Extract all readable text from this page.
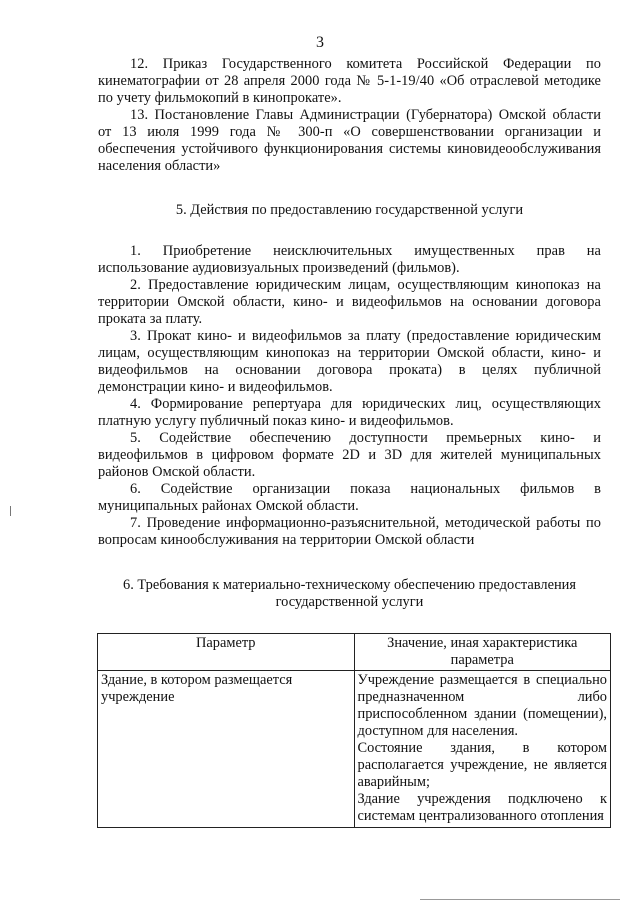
3

12. Приказ Государственного комитета Российской Федерации по кинематографии от 28 апреля 2000 года № 5-1-19/40 «Об отраслевой методике по учету фильмокопий в кинопрокате».

13. Постановление Главы Администрации (Губернатора) Омской области от 13 июля 1999 года № 300-п «О совершенствовании организации и обеспечения устойчивого функционирования системы киновидеообслуживания населения области»

5. Действия по предоставлению государственной услуги

1. Приобретение неисключительных имущественных прав на использование аудиовизуальных произведений (фильмов).

2. Предоставление юридическим лицам, осуществляющим кинопоказ на территории Омской области, кино- и видеофильмов на основании договора проката за плату.

3. Прокат кино- и видеофильмов за плату (предоставление юридическим лицам, осуществляющим кинопоказ на территории Омской области, кино- и видеофильмов на основании договора проката) в целях публичной демонстрации кино- и видеофильмов.

4. Формирование репертуара для юридических лиц, осуществляющих платную услугу публичный показ кино- и видеофильмов.

5. Содействие обеспечению доступности премьерных кино- и видеофильмов в цифровом формате 2D и 3D для жителей муниципальных районов Омской области.

6. Содействие организации показа национальных фильмов в муниципальных районах Омской области.

7. Проведение информационно-разъяснительной, методической работы по вопросам кинообслуживания на территории Омской области

6. Требования к материально-техническому обеспечению предоставления

государственной услуги

Параметр	Значение, иная характеристика параметра
Здание, в котором размещается учреждение	Учреждение размещается в специально предназначенном либо приспособленном здании (помещении), доступном для населения.
Состояние здания, в котором располагается учреждение, не является аварийным;
Здание учреждения подключено к системам централизованного отопления
